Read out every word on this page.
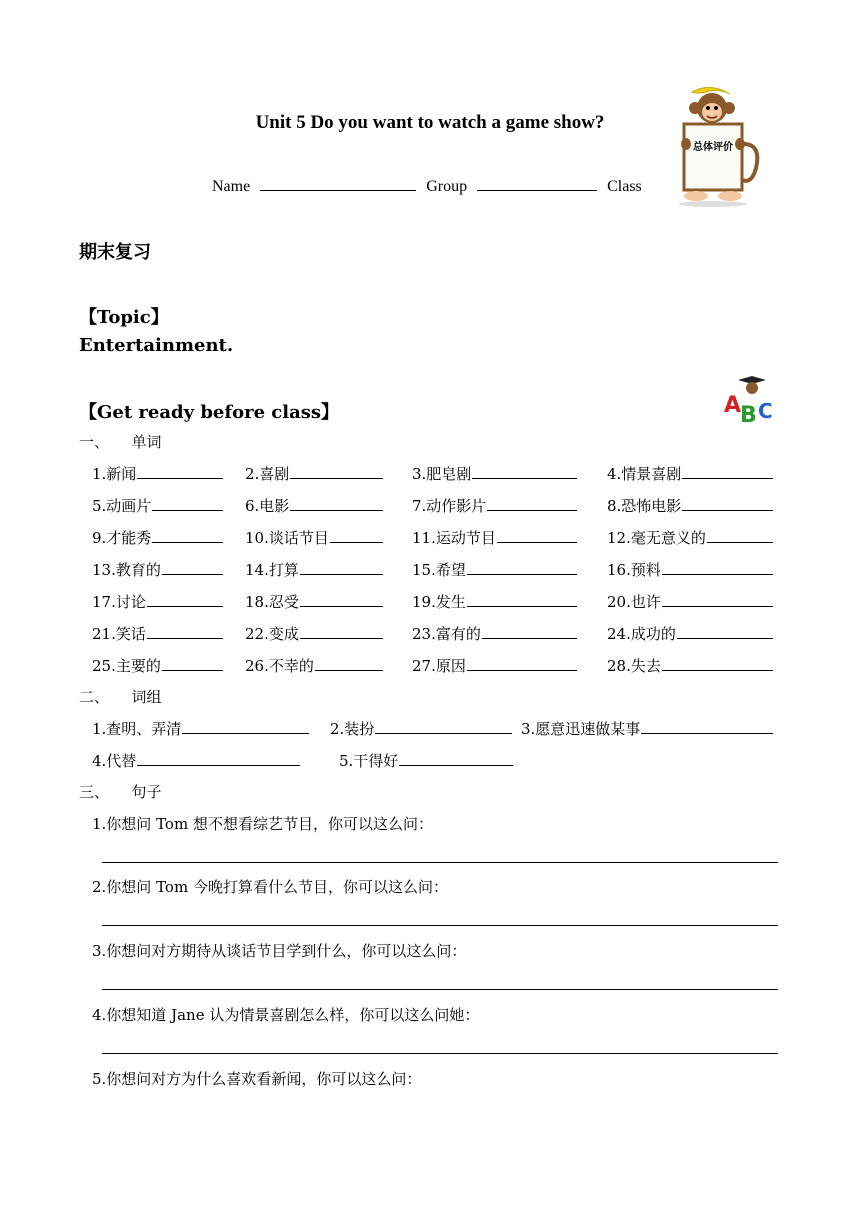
Unit 5 Do you want to watch a game show?
Name	Group	Class
总体评价
A
B C
期末复习
【Topic】
Entertainment.
【Get ready before class】
一、　　单词
1.新闻	2.喜剧	3.肥皂剧	4.情景喜剧
5.动画片	6.电影	7.动作影片	8.恐怖电影
9.才能秀	10.谈话节目	11.运动节目	12.毫无意义的
13.教育的	14.打算	15.希望	16.预料
17.讨论	18.忍受	19.发生	20.也许
21.笑话	22.变成	23.富有的	24.成功的
25.主要的	26.不幸的	27.原因	28.失去
二、　　词组
1.查明、弄清	2.装扮	3.愿意迅速做某事
4.代替	5.干得好
三、　　句子
1.你想问 Tom 想不想看综艺节目，你可以这么问：
2.你想问 Tom 今晚打算看什么节目，你可以这么问：
3.你想问对方期待从谈话节目学到什么，你可以这么问：
4.你想知道 Jane 认为情景喜剧怎么样，你可以这么问她：
5.你想问对方为什么喜欢看新闻，你可以这么问：
